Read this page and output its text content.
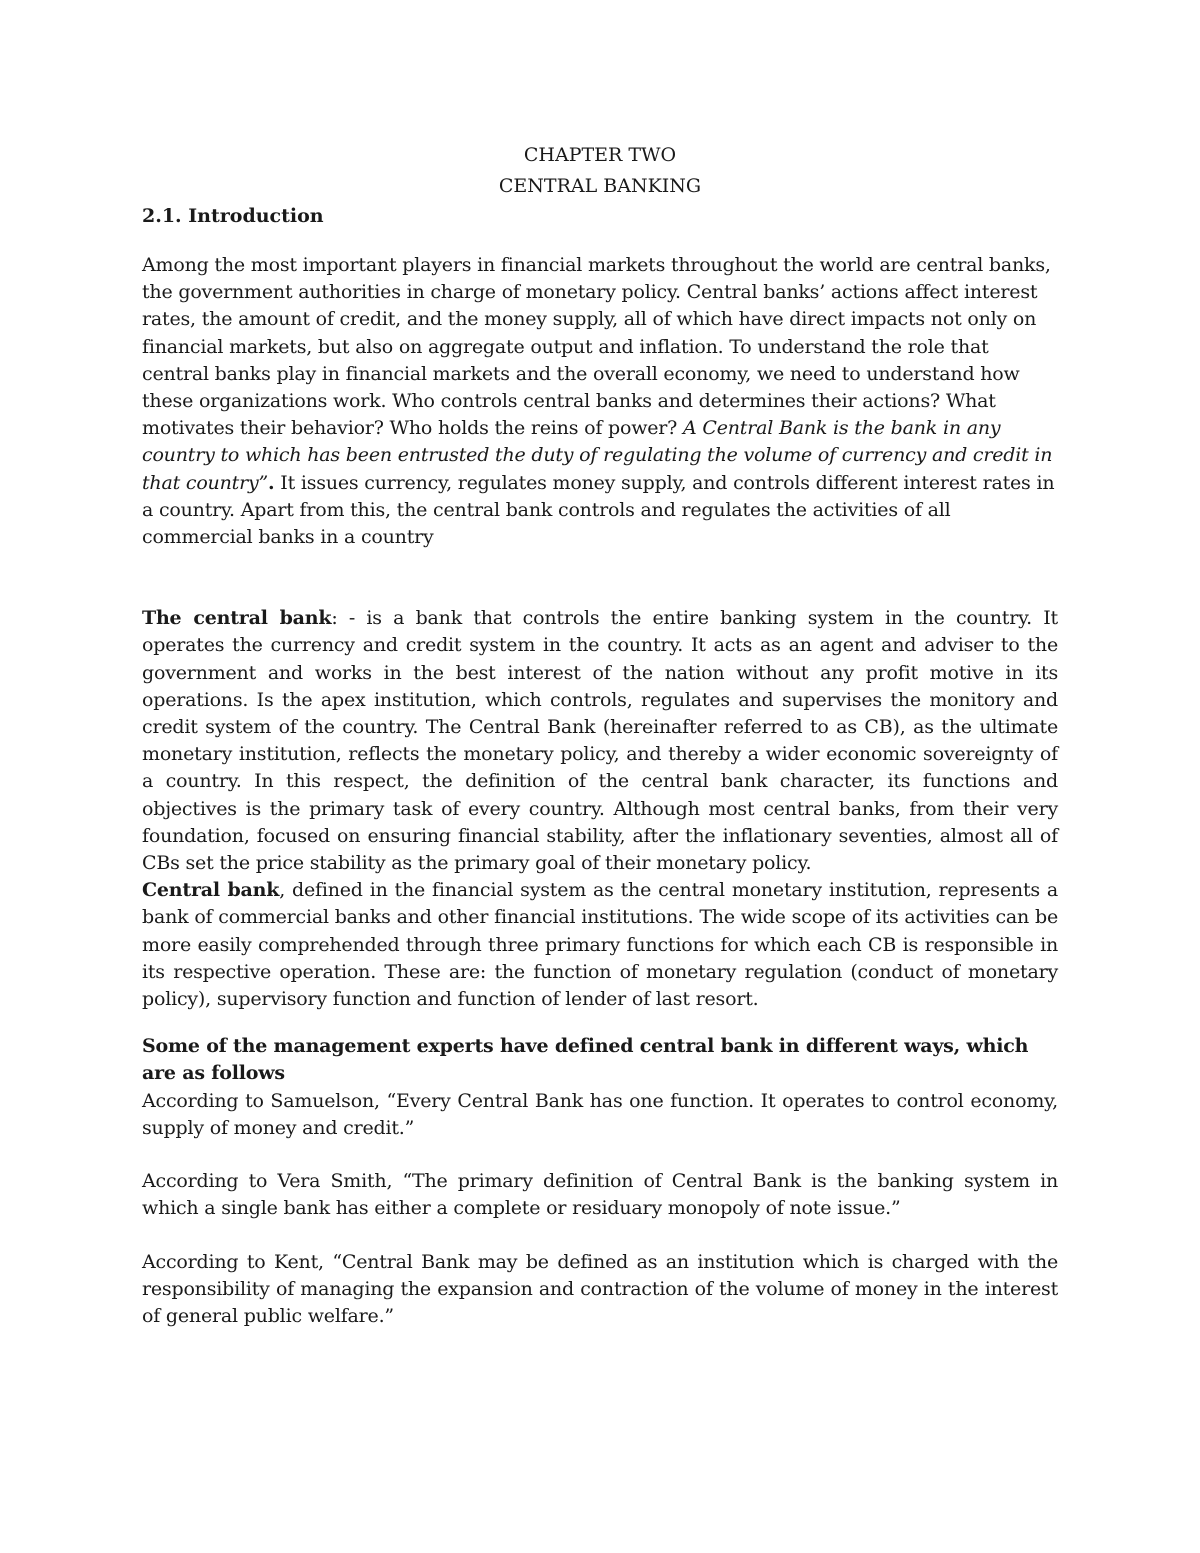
CHAPTER TWO

CENTRAL BANKING

2.1. Introduction

Among the most important players in financial markets throughout the world are central banks, the government authorities in charge of monetary policy. Central banks’ actions affect interest rates, the amount of credit, and the money supply, all of which have direct impacts not only on financial markets, but also on aggregate output and inflation. To understand the role that central banks play in financial markets and the overall economy, we need to understand how these organizations work. Who controls central banks and determines their actions? What motivates their behavior? Who holds the reins of power? A Central Bank is the bank in any country to which has been entrusted the duty of regulating the volume of currency and credit in that country”. It issues currency, regulates money supply, and controls different interest rates in a country. Apart from this, the central bank controls and regulates the activities of all commercial banks in a country

The central bank: - is a bank that controls the entire banking system in the country. It operates the currency and credit system in the country. It acts as an agent and adviser to the government and works in the best interest of the nation without any profit motive in its operations. Is the apex institution, which controls, regulates and supervises the monitory and credit system of the country. The Central Bank (hereinafter referred to as CB), as the ultimate monetary institution, reflects the monetary policy, and thereby a wider economic sovereignty of a country. In this respect, the definition of the central bank character, its functions and objectives is the primary task of every country. Although most central banks, from their very foundation, focused on ensuring financial stability, after the inflationary seventies, almost all of CBs set the price stability as the primary goal of their monetary policy.

Central bank, defined in the financial system as the central monetary institution, represents a bank of commercial banks and other financial institutions. The wide scope of its activities can be more easily comprehended through three primary functions for which each CB is responsible in its respective operation. These are: the function of monetary regulation (conduct of monetary policy), supervisory function and function of lender of last resort.

Some of the management experts have defined central bank in different ways, which are as follows

According to Samuelson, “Every Central Bank has one function. It operates to control economy, supply of money and credit.”

According to Vera Smith, “The primary definition of Central Bank is the banking system in which a single bank has either a complete or residuary monopoly of note issue.”

According to Kent, “Central Bank may be defined as an institution which is charged with the responsibility of managing the expansion and contraction of the volume of money in the interest of general public welfare.”
